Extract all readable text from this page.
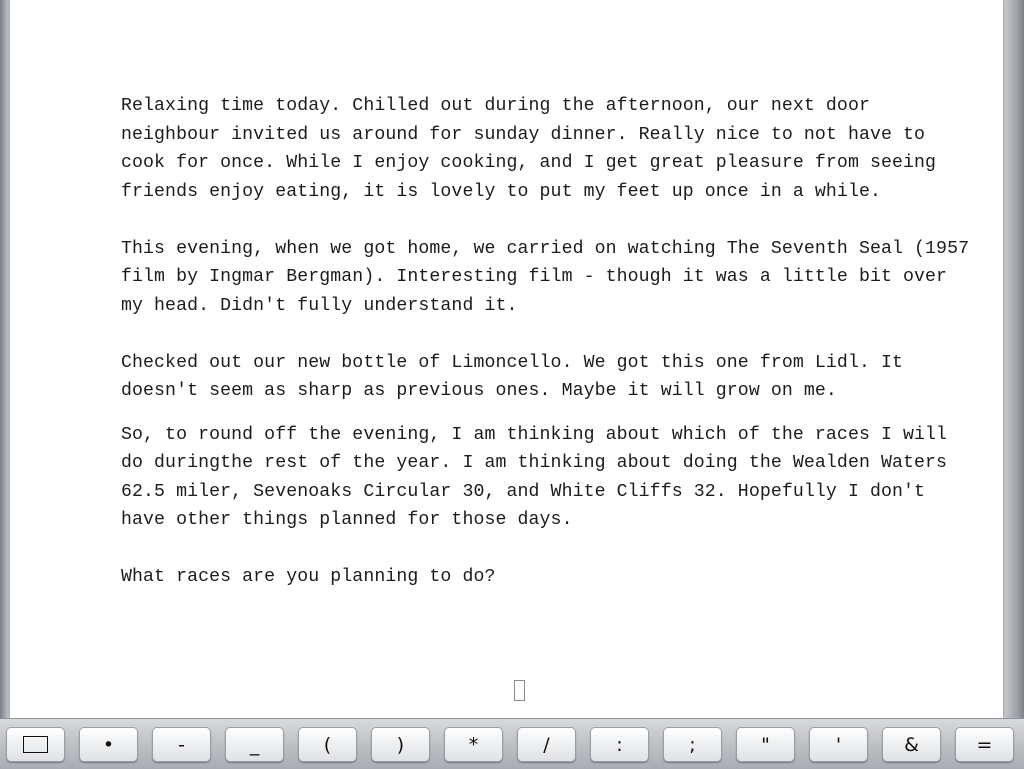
Relaxing time today. Chilled out during the afternoon, our next door neighbour invited us around for sunday dinner. Really nice to not have to cook for once. While I enjoy cooking, and I get great pleasure from seeing friends enjoy eating, it is lovely to put my feet up once in a while.

This evening, when we got home, we carried on watching The Seventh Seal (1957 film by Ingmar Bergman). Interesting film - though it was a little bit over my head. Didn't fully understand it.

Checked out our new bottle of Limoncello. We got this one from Lidl. It doesn't seem as sharp as previous ones. Maybe it will grow on me.

So, to round off the evening, I am thinking about which of the races I will do duringthe rest of the year. I am thinking about doing the Wealden Waters 62.5 miler, Sevenoaks Circular 30, and White Cliffs 32. Hopefully I don't have other things planned for those days.

What races are you planning to do?

•	-	_	(	)	*	/	:	;	"	'	&	=
